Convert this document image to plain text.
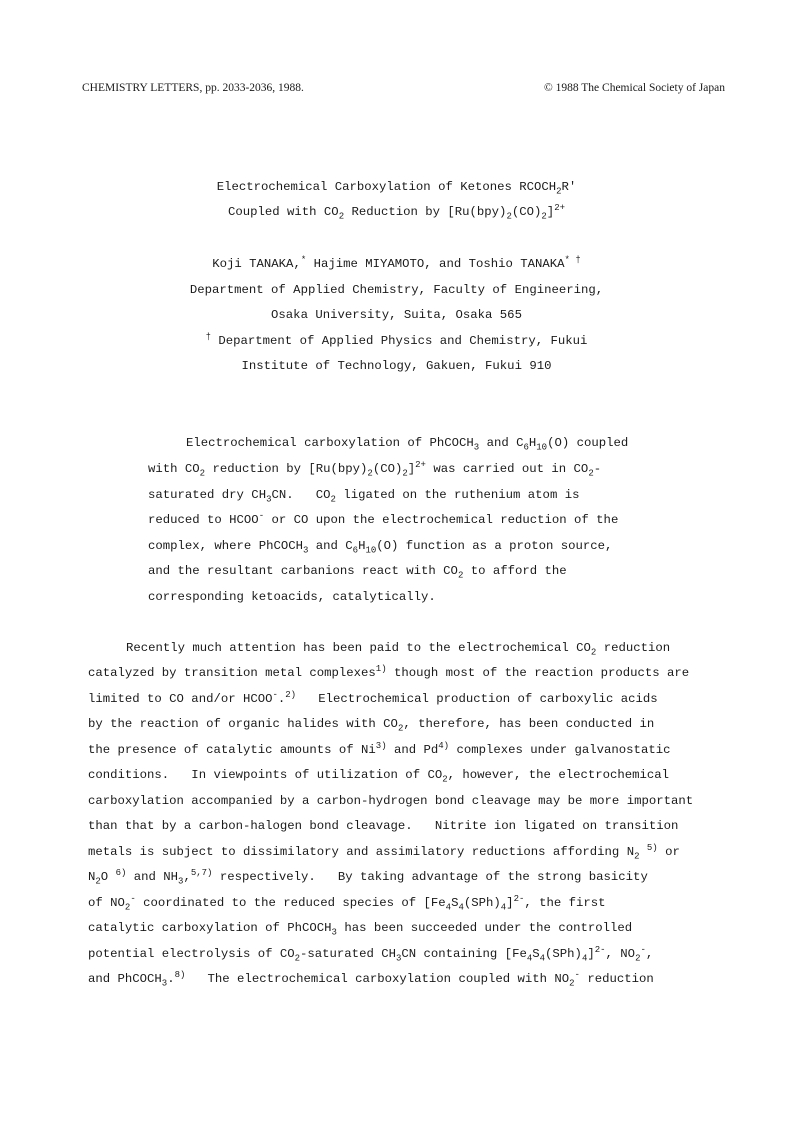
CHEMISTRY LETTERS, pp. 2033-2036, 1988.	© 1988 The Chemical Society of Japan
Electrochemical Carboxylation of Ketones $RCOCH_2R'$
Coupled with $CO_2$ Reduction by $[Ru(bpy)_2(CO)_2]^{2+}$
Koji TANAKA,* Hajime MIYAMOTO, and Toshio TANAKA* †
Department of Applied Chemistry, Faculty of Engineering,
Osaka University, Suita, Osaka 565
† Department of Applied Physics and Chemistry, Fukui
Institute of Technology, Gakuen, Fukui 910
Electrochemical carboxylation of PhCOCH$_3$ and $C_6H_{10}(O)$ coupled
with $CO_2$ reduction by $[Ru(bpy)_2(CO)_2]^{2+}$ was carried out in $CO_2-$
saturated dry $CH_3CN$.   $CO_2$ ligated on the ruthenium atom is
reduced to HCOO- or CO upon the electrochemical reduction of the
complex, where PhCOCH$_3$ and $C_6H_{10}(O)$ function as a proton source,
and the resultant carbanions react with $CO_2$ to afford the
corresponding ketoacids, catalytically.
Recently much attention has been paid to the electrochemical $CO_2$ reduction
catalyzed by transition metal complexes$^{1)}$ though most of the reaction products are
limited to CO and/or HCOO-.$^{2)}$   Electrochemical production of carboxylic acids
by the reaction of organic halides with $CO_2$, therefore, has been conducted in
the presence of catalytic amounts of Ni$^{3)}$ and Pd$^{4)}$ complexes under galvanostatic
conditions.   In viewpoints of utilization of $CO_2$, however, the electrochemical
carboxylation accompanied by a carbon-hydrogen bond cleavage may be more important
than that by a carbon-halogen bond cleavage.   Nitrite ion ligated on transition
metals is subject to dissimilatory and assimilatory reductions affording $N_2$ $^{5)}$ or
$N_2O$ $^{6)}$ and $NH_3,^{5,7)}$ respectively.   By taking advantage of the strong basicity
of $NO_2^-$ coordinated to the reduced species of $[Fe_4S_4(SPh)_4]^{2-}$, the first
catalytic carboxylation of PhCOCH$_3$ has been succeeded under the controlled
potential electrolysis of $CO_2$-saturated $CH_3CN$ containing $[Fe_4S_4(SPh)_4]^{2-}$, $NO_2^-$,
and PhCOCH$_3$.$^{8)}$   The electrochemical carboxylation coupled with $NO_2^-$ reduction
